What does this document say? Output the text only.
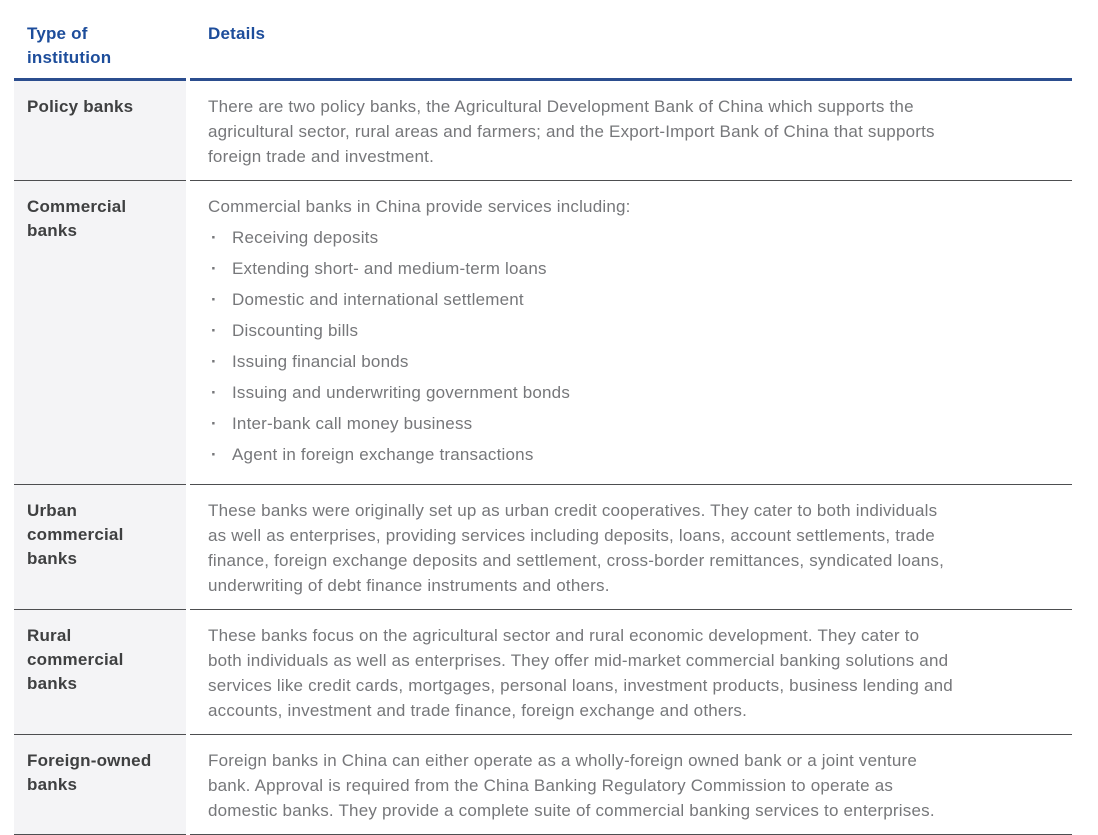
Type of institution
Details
Policy banks	There are two policy banks, the Agricultural Development Bank of China which supports the agricultural sector, rural areas and farmers; and the Export-Import Bank of China that supports foreign trade and investment.

Commercial banks

Commercial banks in China provide services including:

· Receiving deposits
· Extending short- and medium-term loans
· Domestic and international settlement
· Discounting bills
· Issuing financial bonds
· Issuing and underwriting government bonds
· Inter-bank call money business
· Agent in foreign exchange transactions
Urban commercial banks

These banks were originally set up as urban credit cooperatives. They cater to both individuals as well as enterprises, providing services including deposits, loans, account settlements, trade finance, foreign exchange deposits and settlement, cross-border remittances, syndicated loans, underwriting of debt finance instruments and others.

Rural commercial banks

These banks focus on the agricultural sector and rural economic development. They cater to both individuals as well as enterprises. They offer mid-market commercial banking solutions and services like credit cards, mortgages, personal loans, investment products, business lending and accounts, investment and trade finance, foreign exchange and others.

Foreign-owned banks

Foreign banks in China can either operate as a wholly-foreign owned bank or a joint venture bank. Approval is required from the China Banking Regulatory Commission to operate as domestic banks. They provide a complete suite of commercial banking services to enterprises.
